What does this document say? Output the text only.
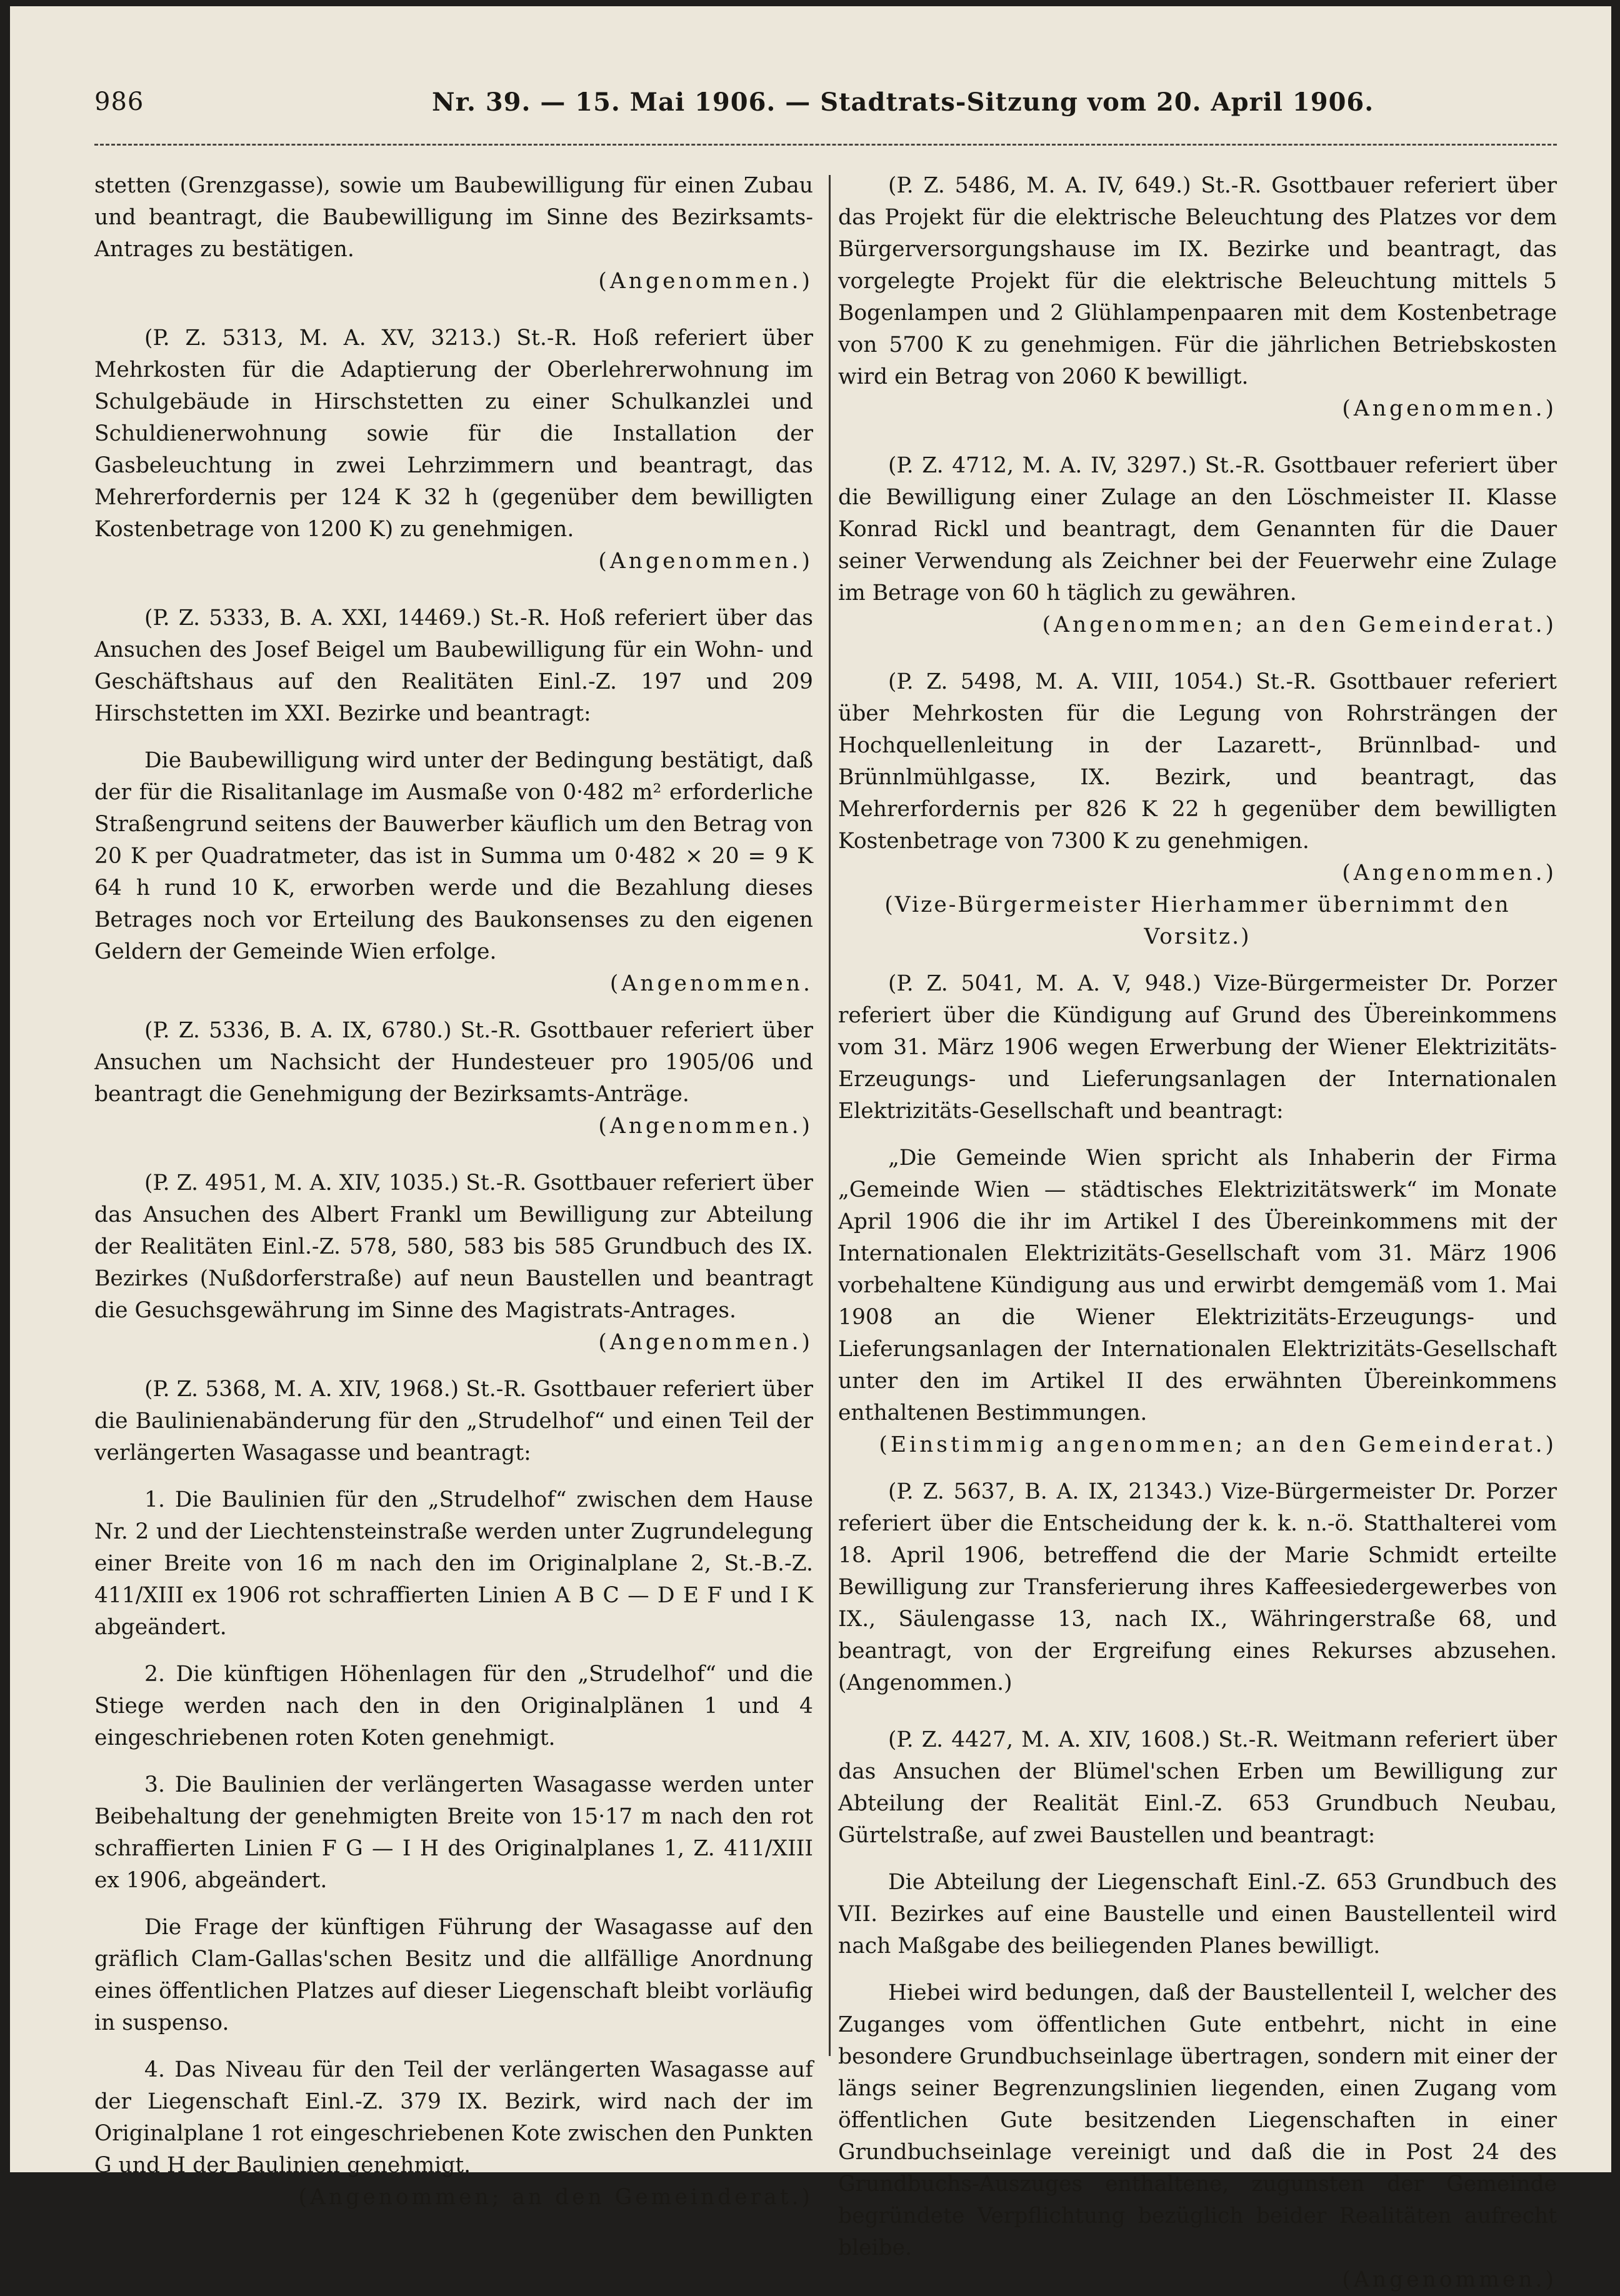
986	Nr. 39. — 15. Mai 1906. — Stadtrats-Sitzung vom 20. April 1906.

stetten (Grenzgasse), sowie um Baubewilligung für einen Zubau und beantragt, die Baubewilligung im Sinne des Bezirksamts-Antrages zu bestätigen.

(Angenommen.)

(P. Z. 5313, M. A. XV, 3213.) St.-R. Hoß referiert über Mehrkosten für die Adaptierung der Oberlehrerwohnung im Schulgebäude in Hirschstetten zu einer Schulkanzlei und Schuldienerwohnung sowie für die Installation der Gasbeleuchtung in zwei Lehrzimmern und beantragt, das Mehrerfordernis per 124 K 32 h (gegenüber dem bewilligten Kostenbetrage von 1200 K) zu genehmigen.

(Angenommen.)

(P. Z. 5333, B. A. XXI, 14469.) St.-R. Hoß referiert über das Ansuchen des Josef Beigel um Baubewilligung für ein Wohn- und Geschäftshaus auf den Realitäten Einl.-Z. 197 und 209 Hirschstetten im XXI. Bezirke und beantragt:

Die Baubewilligung wird unter der Bedingung bestätigt, daß der für die Risalitanlage im Ausmaße von 0·482 m² erforderliche Straßengrund seitens der Bauwerber käuflich um den Betrag von 20 K per Quadratmeter, das ist in Summa um 0·482 × 20 = 9 K 64 h rund 10 K, erworben werde und die Bezahlung dieses Betrages noch vor Erteilung des Baukonsenses zu den eigenen Geldern der Gemeinde Wien erfolge.

(Angenommen.

(P. Z. 5336, B. A. IX, 6780.) St.-R. Gsottbauer referiert über Ansuchen um Nachsicht der Hundesteuer pro 1905/06 und beantragt die Genehmigung der Bezirksamts-Anträge.

(Angenommen.)

(P. Z. 4951, M. A. XIV, 1035.) St.-R. Gsottbauer referiert über das Ansuchen des Albert Frankl um Bewilligung zur Abteilung der Realitäten Einl.-Z. 578, 580, 583 bis 585 Grundbuch des IX. Bezirkes (Nußdorferstraße) auf neun Baustellen und beantragt die Gesuchsgewährung im Sinne des Magistrats-Antrages.

(Angenommen.)

(P. Z. 5368, M. A. XIV, 1968.) St.-R. Gsottbauer referiert über die Baulinienabänderung für den „Strudelhof“ und einen Teil der verlängerten Wasagasse und beantragt:

1. Die Baulinien für den „Strudelhof“ zwischen dem Hause Nr. 2 und der Liechtensteinstraße werden unter Zugrundelegung einer Breite von 16 m nach den im Originalplane 2, St.-B.-Z. 411/XIII ex 1906 rot schraffierten Linien A B C — D E F und I K abgeändert.

2. Die künftigen Höhenlagen für den „Strudelhof“ und die Stiege werden nach den in den Originalplänen 1 und 4 eingeschriebenen roten Koten genehmigt.

3. Die Baulinien der verlängerten Wasagasse werden unter Beibehaltung der genehmigten Breite von 15·17 m nach den rot schraffierten Linien F G — I H des Originalplanes 1, Z. 411/XIII ex 1906, abgeändert.

Die Frage der künftigen Führung der Wasagasse auf den gräflich Clam-Gallas'schen Besitz und die allfällige Anordnung eines öffentlichen Platzes auf dieser Liegenschaft bleibt vorläufig in suspenso.

4. Das Niveau für den Teil der verlängerten Wasagasse auf der Liegenschaft Einl.-Z. 379 IX. Bezirk, wird nach der im Originalplane 1 rot eingeschriebenen Kote zwischen den Punkten G und H der Baulinien genehmigt.

(Angenommen; an den Gemeinderat.)

(P. Z. 5486, M. A. IV, 649.) St.-R. Gsottbauer referiert über das Projekt für die elektrische Beleuchtung des Platzes vor dem Bürgerversorgungshause im IX. Bezirke und beantragt, das vorgelegte Projekt für die elektrische Beleuchtung mittels 5 Bogenlampen und 2 Glühlampenpaaren mit dem Kostenbetrage von 5700 K zu genehmigen. Für die jährlichen Betriebskosten wird ein Betrag von 2060 K bewilligt.

(Angenommen.)

(P. Z. 4712, M. A. IV, 3297.) St.-R. Gsottbauer referiert über die Bewilligung einer Zulage an den Löschmeister II. Klasse Konrad Rickl und beantragt, dem Genannten für die Dauer seiner Verwendung als Zeichner bei der Feuerwehr eine Zulage im Betrage von 60 h täglich zu gewähren.

(Angenommen; an den Gemeinderat.)

(P. Z. 5498, M. A. VIII, 1054.) St.-R. Gsottbauer referiert über Mehrkosten für die Legung von Rohrsträngen der Hochquellenleitung in der Lazarett-, Brünnlbad- und Brünnlmühlgasse, IX. Bezirk, und beantragt, das Mehrerfordernis per 826 K 22 h gegenüber dem bewilligten Kostenbetrage von 7300 K zu genehmigen.

(Angenommen.)

(Vize-Bürgermeister Hierhammer übernimmt den Vorsitz.)

(P. Z. 5041, M. A. V, 948.) Vize-Bürgermeister Dr. Porzer referiert über die Kündigung auf Grund des Übereinkommens vom 31. März 1906 wegen Erwerbung der Wiener Elektrizitäts-Erzeugungs- und Lieferungsanlagen der Internationalen Elektrizitäts-Gesellschaft und beantragt:

„Die Gemeinde Wien spricht als Inhaberin der Firma „Gemeinde Wien — städtisches Elektrizitätswerk“ im Monate April 1906 die ihr im Artikel I des Übereinkommens mit der Internationalen Elektrizitäts-Gesellschaft vom 31. März 1906 vorbehaltene Kündigung aus und erwirbt demgemäß vom 1. Mai 1908 an die Wiener Elektrizitäts-Erzeugungs- und Lieferungsanlagen der Internationalen Elektrizitäts-Gesellschaft unter den im Artikel II des erwähnten Übereinkommens enthaltenen Bestimmungen.

(Einstimmig angenommen; an den Gemeinderat.)

(P. Z. 5637, B. A. IX, 21343.) Vize-Bürgermeister Dr. Porzer referiert über die Entscheidung der k. k. n.-ö. Statthalterei vom 18. April 1906, betreffend die der Marie Schmidt erteilte Bewilligung zur Transferierung ihres Kaffeesiedergewerbes von IX., Säulengasse 13, nach IX., Währingerstraße 68, und beantragt, von der Ergreifung eines Rekurses abzusehen. (Angenommen.)

(P. Z. 4427, M. A. XIV, 1608.) St.-R. Weitmann referiert über das Ansuchen der Blümel'schen Erben um Bewilligung zur Abteilung der Realität Einl.-Z. 653 Grundbuch Neubau, Gürtelstraße, auf zwei Baustellen und beantragt:

Die Abteilung der Liegenschaft Einl.-Z. 653 Grundbuch des VII. Bezirkes auf eine Baustelle und einen Baustellenteil wird nach Maßgabe des beiliegenden Planes bewilligt.

Hiebei wird bedungen, daß der Baustellenteil I, welcher des Zuganges vom öffentlichen Gute entbehrt, nicht in eine besondere Grundbuchseinlage übertragen, sondern mit einer der längs seiner Begrenzungslinien liegenden, einen Zugang vom öffentlichen Gute besitzenden Liegenschaften in einer Grundbuchseinlage vereinigt und daß die in Post 24 des Grundbuchs-Auszuges enthaltene, zugunsten der Gemeinde begründete Verpflichtung bezüglich beider Realitäten aufrecht bleibe.

(Angenommen.)
